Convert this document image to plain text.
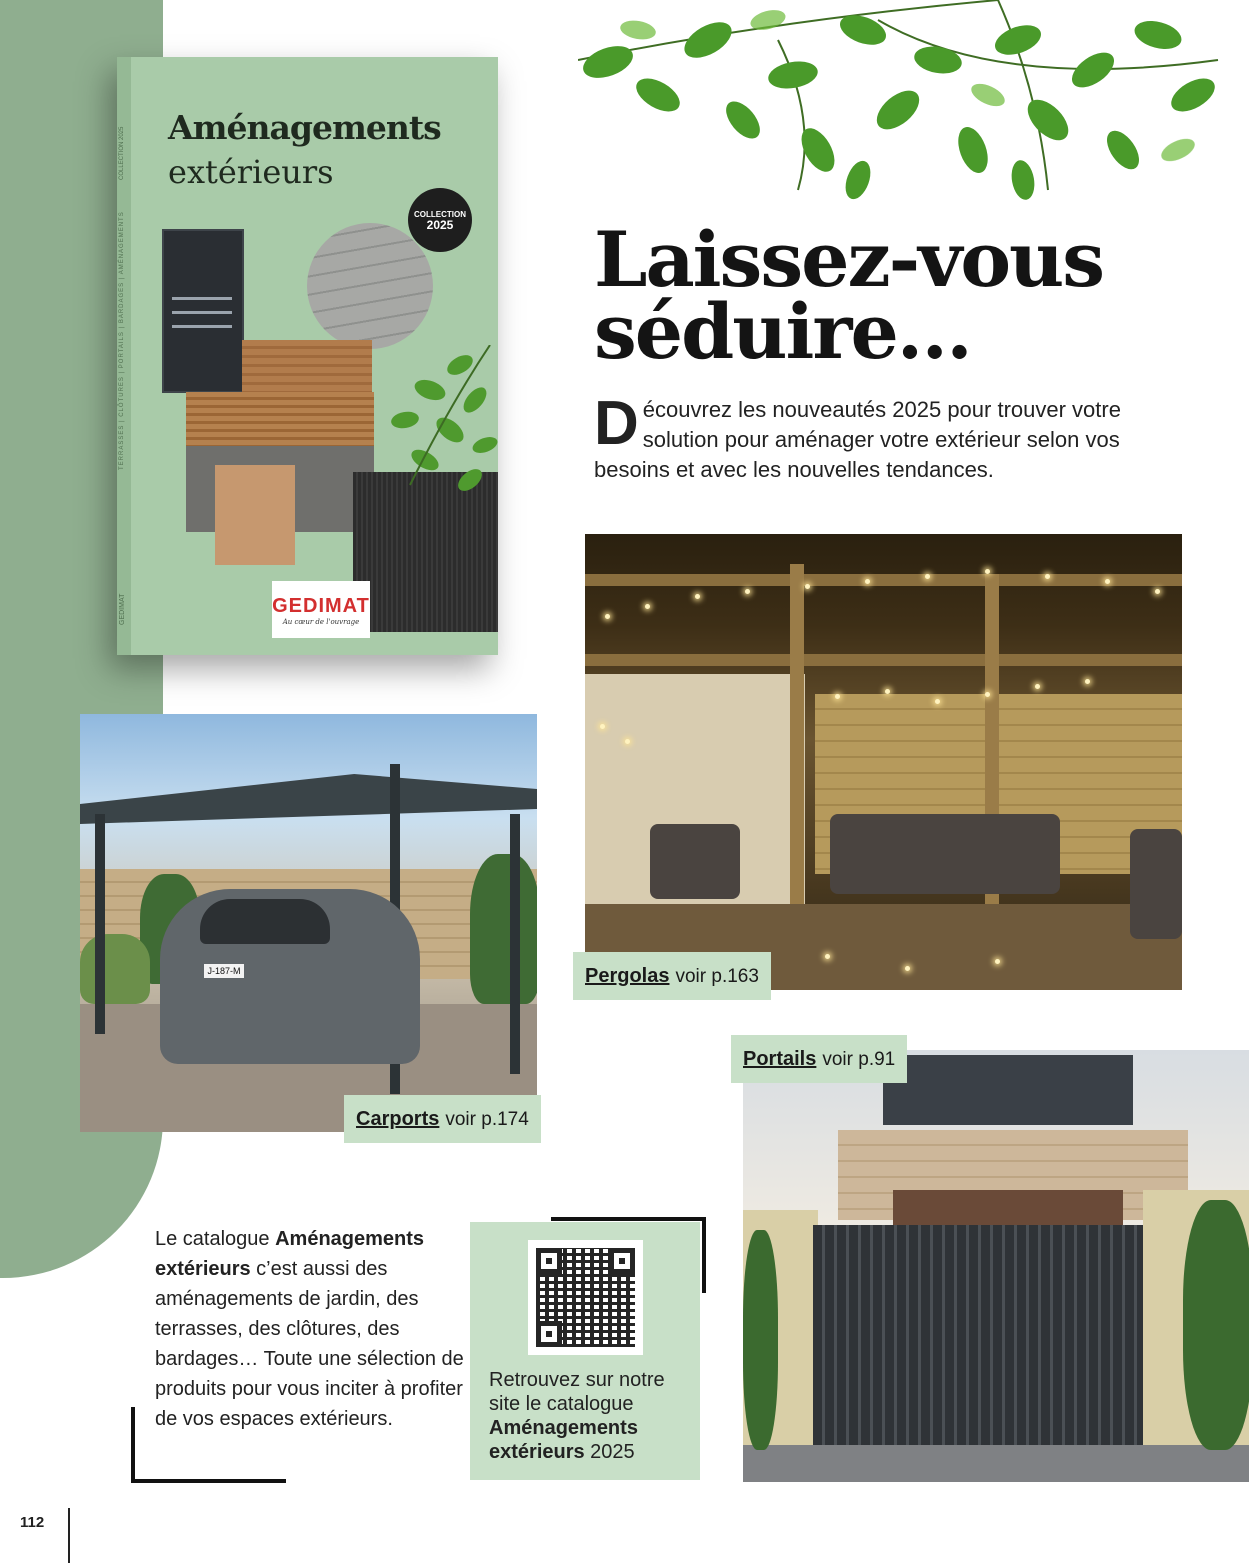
TERRASSES | CLÔTURES | PORTAILS | BARDAGES | AMÉNAGEMENTS
COLLECTION 2025
GEDIMAT
Aménagements
extérieurs
COLLECTION
2025
GEDIMAT
Au cœur de l'ouvrage
Laissez-vous
séduire…
D écouvrez les nouveautés 2025 pour trouver votre solution pour aménager votre extérieur selon vos besoins et avec les nouvelles tendances.
Pergolas voir p.163
J-187-M
Carports voir p.174
Portails voir p.91
Le catalogue Aménagements extérieurs c’est aussi des aménagements de jardin, des terrasses, des clôtures, des bardages… Toute une sélection de produits pour vous inciter à profiter de vos espaces extérieurs.
Retrouvez sur notre site le catalogue Aménagements extérieurs 2025
112
